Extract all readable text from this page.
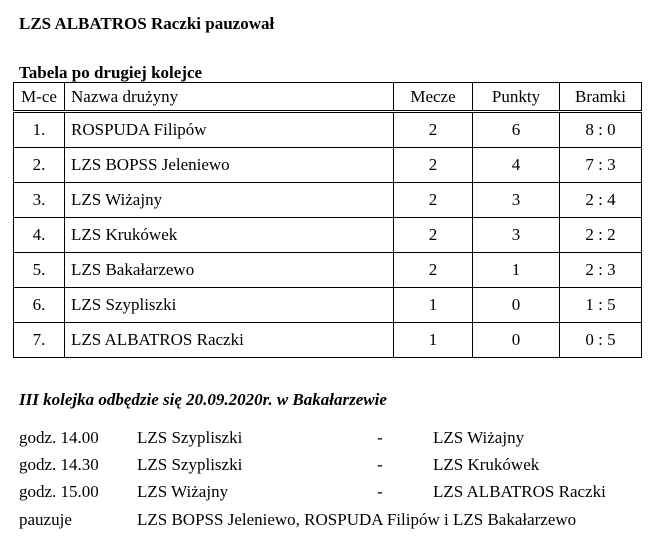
LZS ALBATROS Raczki pauzował
Tabela po drugiej kolejce
M-ce	Nazwa drużyny	Mecze	Punkty	Bramki
1.	ROSPUDA Filipów	2	6	8 : 0
2.	LZS BOPSS Jeleniewo	2	4	7 : 3
3.	LZS Wiżajny	2	3	2 : 4
4.	LZS Krukówek	2	3	2 : 2
5.	LZS Bakałarzewo	2	1	2 : 3
6.	LZS Szypliszki	1	0	1 : 5
7.	LZS ALBATROS Raczki	1	0	0 : 5
III kolejka odbędzie się 20.09.2020r. w Bakałarzewie
godz. 14.00 LZS Szypliszki	-	LZS Wiżajny
godz. 14.30 LZS Szypliszki	-	LZS Krukówek
godz. 15.00 LZS Wiżajny	-	LZS ALBATROS Raczki
pauzuje	LZS BOPSS Jeleniewo, ROSPUDA Filipów i LZS Bakałarzewo
